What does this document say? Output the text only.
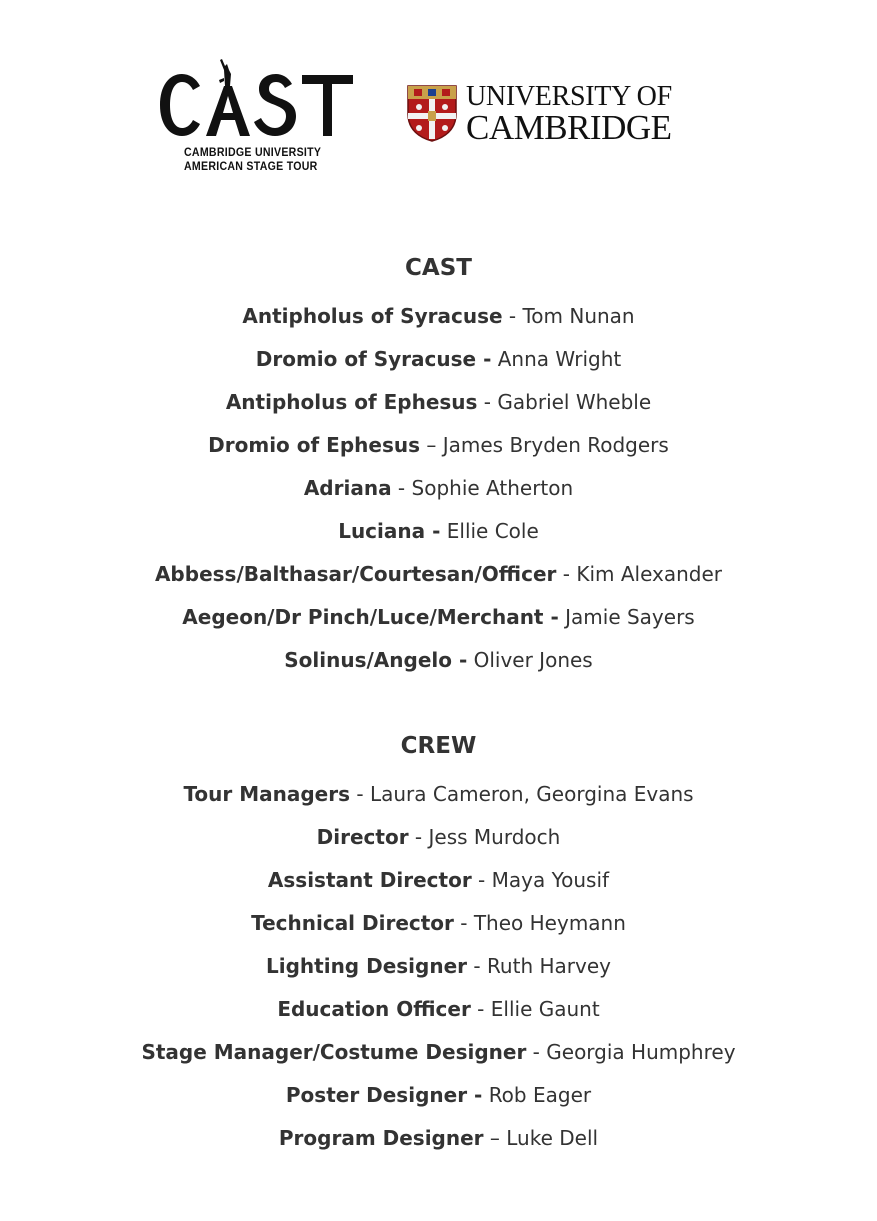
CAMBRIDGE UNIVERSITY
AMERICAN STAGE TOUR
UNIVERSITY OF
CAMBRIDGE
CAST
Antipholus of Syracuse - Tom Nunan
Dromio of Syracuse - Anna Wright
Antipholus of Ephesus - Gabriel Wheble
Dromio of Ephesus – James Bryden Rodgers
Adriana - Sophie Atherton
Luciana - Ellie Cole
Abbess/Balthasar/Courtesan/Officer - Kim Alexander
Aegeon/Dr Pinch/Luce/Merchant - Jamie Sayers
Solinus/Angelo - Oliver Jones
CREW
Tour Managers - Laura Cameron, Georgina Evans
Director - Jess Murdoch
Assistant Director - Maya Yousif
Technical Director - Theo Heymann
Lighting Designer - Ruth Harvey
Education Officer - Ellie Gaunt
Stage Manager/Costume Designer - Georgia Humphrey
Poster Designer - Rob Eager
Program Designer – Luke Dell
